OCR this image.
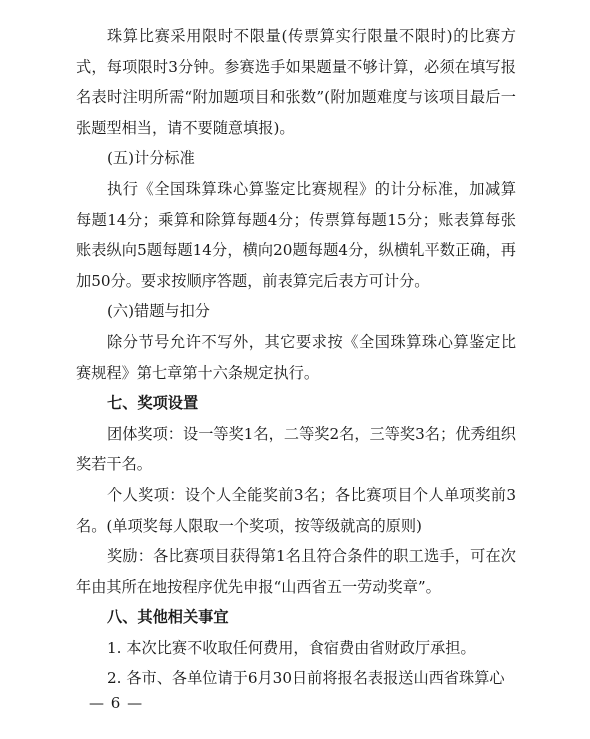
珠算比赛采用限时不限量(传票算实行限量不限时)的比赛方式，每项限时3分钟。参赛选手如果题量不够计算，必须在填写报名表时注明所需“附加题项目和张数”(附加题难度与该项目最后一张题型相当，请不要随意填报)。

(五)计分标准

执行《全国珠算珠心算鉴定比赛规程》的计分标准，加减算每题14分；乘算和除算每题4分；传票算每题15分；账表算每张账表纵向5题每题14分，横向20题每题4分，纵横轧平数正确，再加50分。要求按顺序答题，前表算完后表方可计分。

(六)错题与扣分

除分节号允许不写外，其它要求按《全国珠算珠心算鉴定比赛规程》第七章第十六条规定执行。

七、奖项设置

团体奖项：设一等奖1名，二等奖2名，三等奖3名；优秀组织奖若干名。

个人奖项：设个人全能奖前3名；各比赛项目个人单项奖前3名。(单项奖每人限取一个奖项，按等级就高的原则)

奖励：各比赛项目获得第1名且符合条件的职工选手，可在次年由其所在地按程序优先申报“山西省五一劳动奖章”。

八、其他相关事宜

1. 本次比赛不收取任何费用，食宿费由省财政厅承担。

2. 各市、各单位请于6月30日前将报名表报送山西省珠算心

— 6 —
